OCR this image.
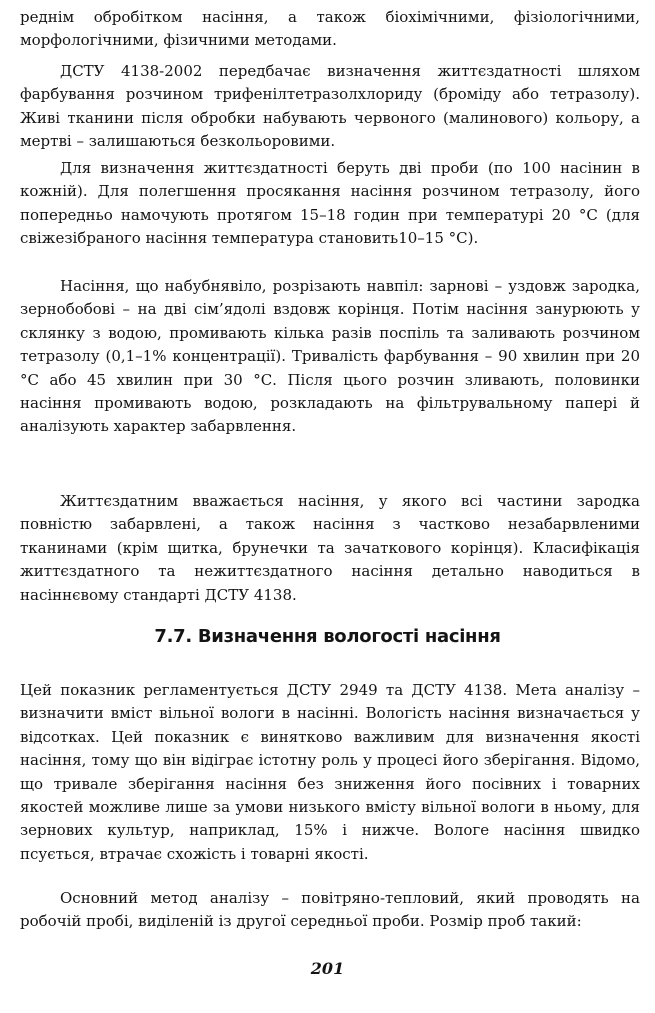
реднім обробітком насіння, а також біохімічними, фізіологічними, морфологічними, фізичними методами.

ДСТУ 4138-2002 передбачає визначення життєздатності шляхом фарбування розчином трифенілтетразолхлориду (броміду або тетразолу). Живі тканини після обробки набувають червоного (малинового) кольору, а мертві – залишаються безкольоровими.

Для визначення життєздатності беруть дві проби (по 100 насінин в кожній). Для полегшення просякання насіння розчином тетразолу, його попередньо намочують протягом 15–18 годин при температурі 20 °С (для свіжезібраного насіння температура становить10–15 °С).

Насіння, що набубнявіло, розрізають навпіл: зарнові – уздовж зародка, зернобобові – на дві сім’ядолі вздовж корінця. Потім насіння занурюють у склянку з водою, промивають кілька разів поспіль та заливають розчином тетразолу (0,1–1% концентрації). Тривалість фарбування – 90 хвилин при 20 °С або 45 хвилин при 30 °С. Після цього розчин зливають, половинки насіння промивають водою, розкладають на фільтрувальному папері й аналізують характер забарвлення.

Життєздатним вважається насіння, у якого всі частини зародка повністю забарвлені, а також насіння з частково незабарвленими тканинами (крім щитка, брунечки та зачаткового корінця). Класифікація життєздатного та нежиттєздатного насіння детально наводиться в насіннєвому стандарті ДСТУ 4138.

7.7. Визначення вологості насіння

Цей показник регламентується ДСТУ 2949 та ДСТУ 4138. Мета аналізу – визначити вміст вільної вологи в насінні. Вологість насіння визначається у відсотках. Цей показник є винятково важливим для визначення якості насіння, тому що він відіграє істотну роль у процесі його зберігання. Відомо, що тривале зберігання насіння без зниження його посівних і товарних якостей можливе лише за умови низького вмісту вільної вологи в ньому, для зернових культур, наприклад, 15% і нижче. Вологе насіння швидко псується, втрачає схожість і товарні якості.

Основний метод аналізу – повітряно-тепловий, який проводять на робочій пробі, виділеній із другої середньої проби. Розмір проб такий:

201
